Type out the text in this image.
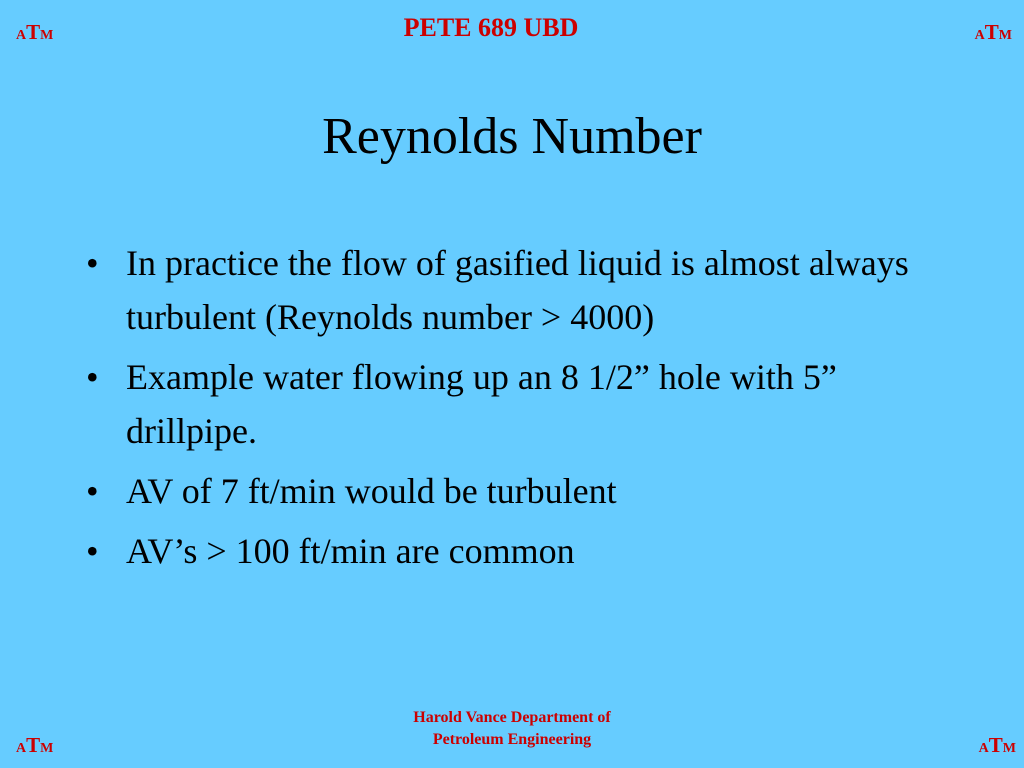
ATM	PETE 689 UBD	ATM
Reynolds Number
• In practice the flow of gasified liquid is almost always turbulent (Reynolds number > 4000)
• Example water flowing up an 8 1/2” hole with 5” drillpipe.
• AV of 7 ft/min would be turbulent
• AV’s > 100 ft/min are common
ATM
Harold Vance Department of
Petroleum Engineering
ATM
